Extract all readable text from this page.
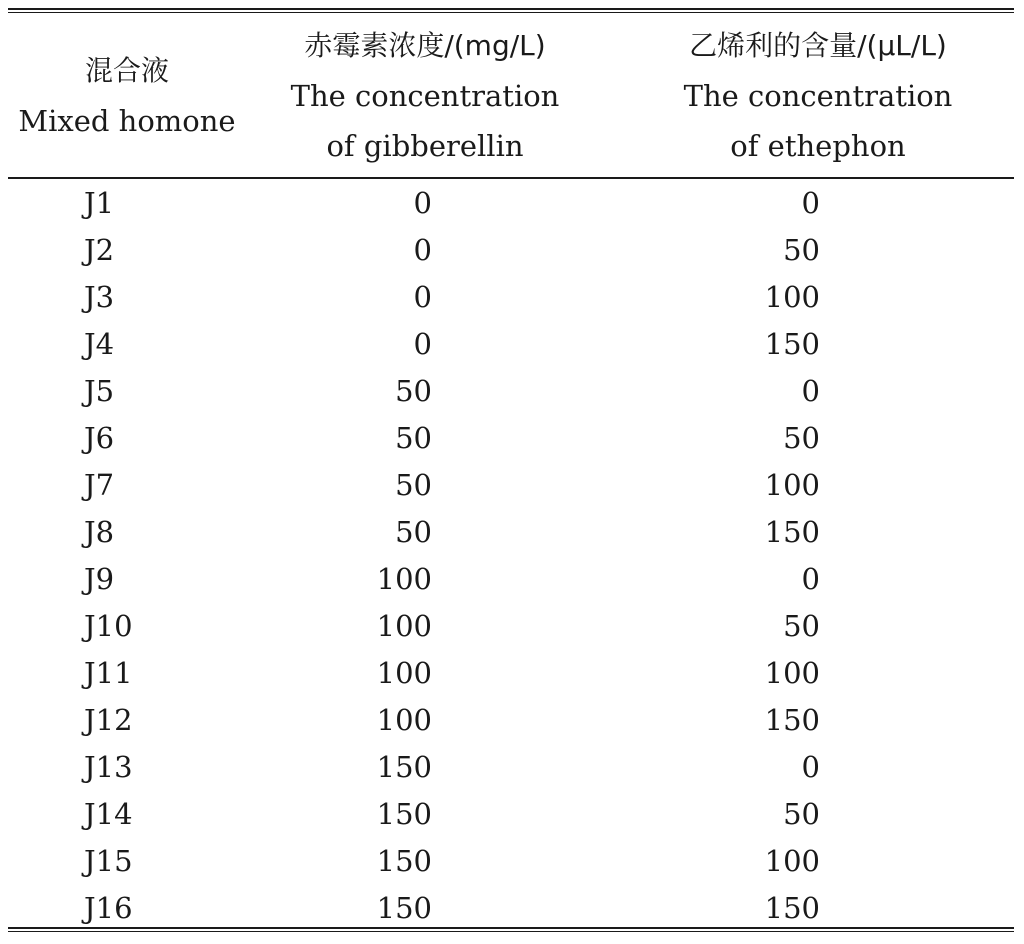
混合液
Mixed homone
赤霉素浓度/(mg/L)
The concentration
of gibberellin
乙烯利的含量/(μL/L)
The concentration
of ethephon
J1	0	0
J2	0	50
J3	0	100
J4	0	150
J5	50	0
J6	50	50
J7	50	100
J8	50	150
J9	100	0
J10	100	50
J11	100	100
J12	100	150
J13	150	0
J14	150	50
J15	150	100
J16	150	150
